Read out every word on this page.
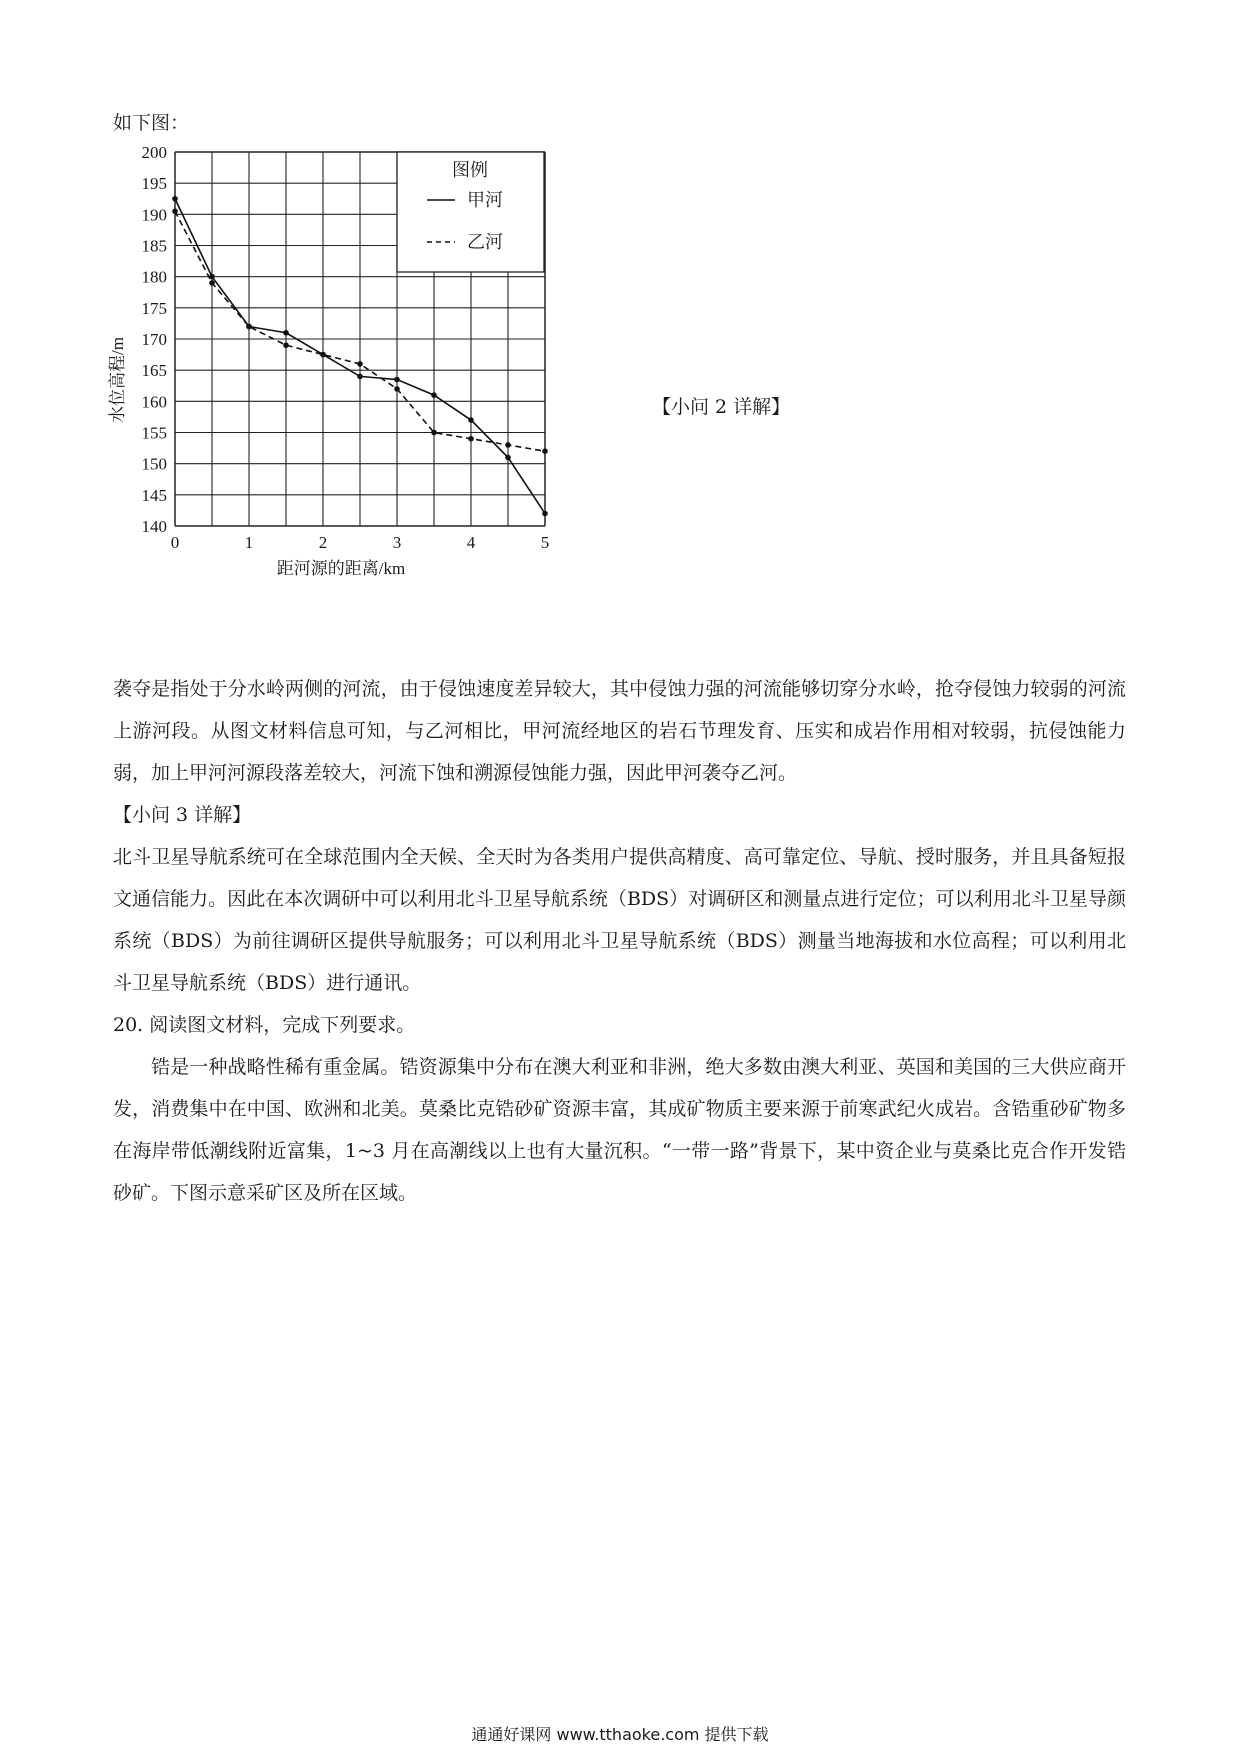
如下图：
图例
甲河
乙河
140
145
150
155
160
165
170
175
180
185
190
195
200
0	1	2	3	4	5
距河源的距离/km
水位高程/m	【小问 2 详解】

袭夺是指处于分水岭两侧的河流，由于侵蚀速度差异较大，其中侵蚀力强的河流能够切穿分水岭，抢夺侵蚀力较弱的河流上游河段。从图文材料信息可知，与乙河相比，甲河流经地区的岩石节理发育、压实和成岩作用相对较弱，抗侵蚀能力弱，加上甲河河源段落差较大，河流下蚀和溯源侵蚀能力强，因此甲河袭夺乙河。

【小问 3 详解】

北斗卫星导航系统可在全球范围内全天候、全天时为各类用户提供高精度、高可靠定位、导航、授时服务，并且具备短报文通信能力。因此在本次调研中可以利用北斗卫星导航系统（BDS）对调研区和测量点进行定位；可以利用北斗卫星导颜系统（BDS）为前往调研区提供导航服务；可以利用北斗卫星导航系统（BDS）测量当地海拔和水位高程；可以利用北斗卫星导航系统（BDS）进行通讯。

20. 阅读图文材料，完成下列要求。

锆是一种战略性稀有重金属。锆资源集中分布在澳大利亚和非洲，绝大多数由澳大利亚、英国和美国的三大供应商开发，消费集中在中国、欧洲和北美。莫桑比克锆砂矿资源丰富，其成矿物质主要来源于前寒武纪火成岩。含锆重砂矿物多在海岸带低潮线附近富集，1~3 月在高潮线以上也有大量沉积。“一带一路”背景下，某中资企业与莫桑比克合作开发锆砂矿。下图示意采矿区及所在区域。

通通好课网 www.tthaoke.com 提供下载
